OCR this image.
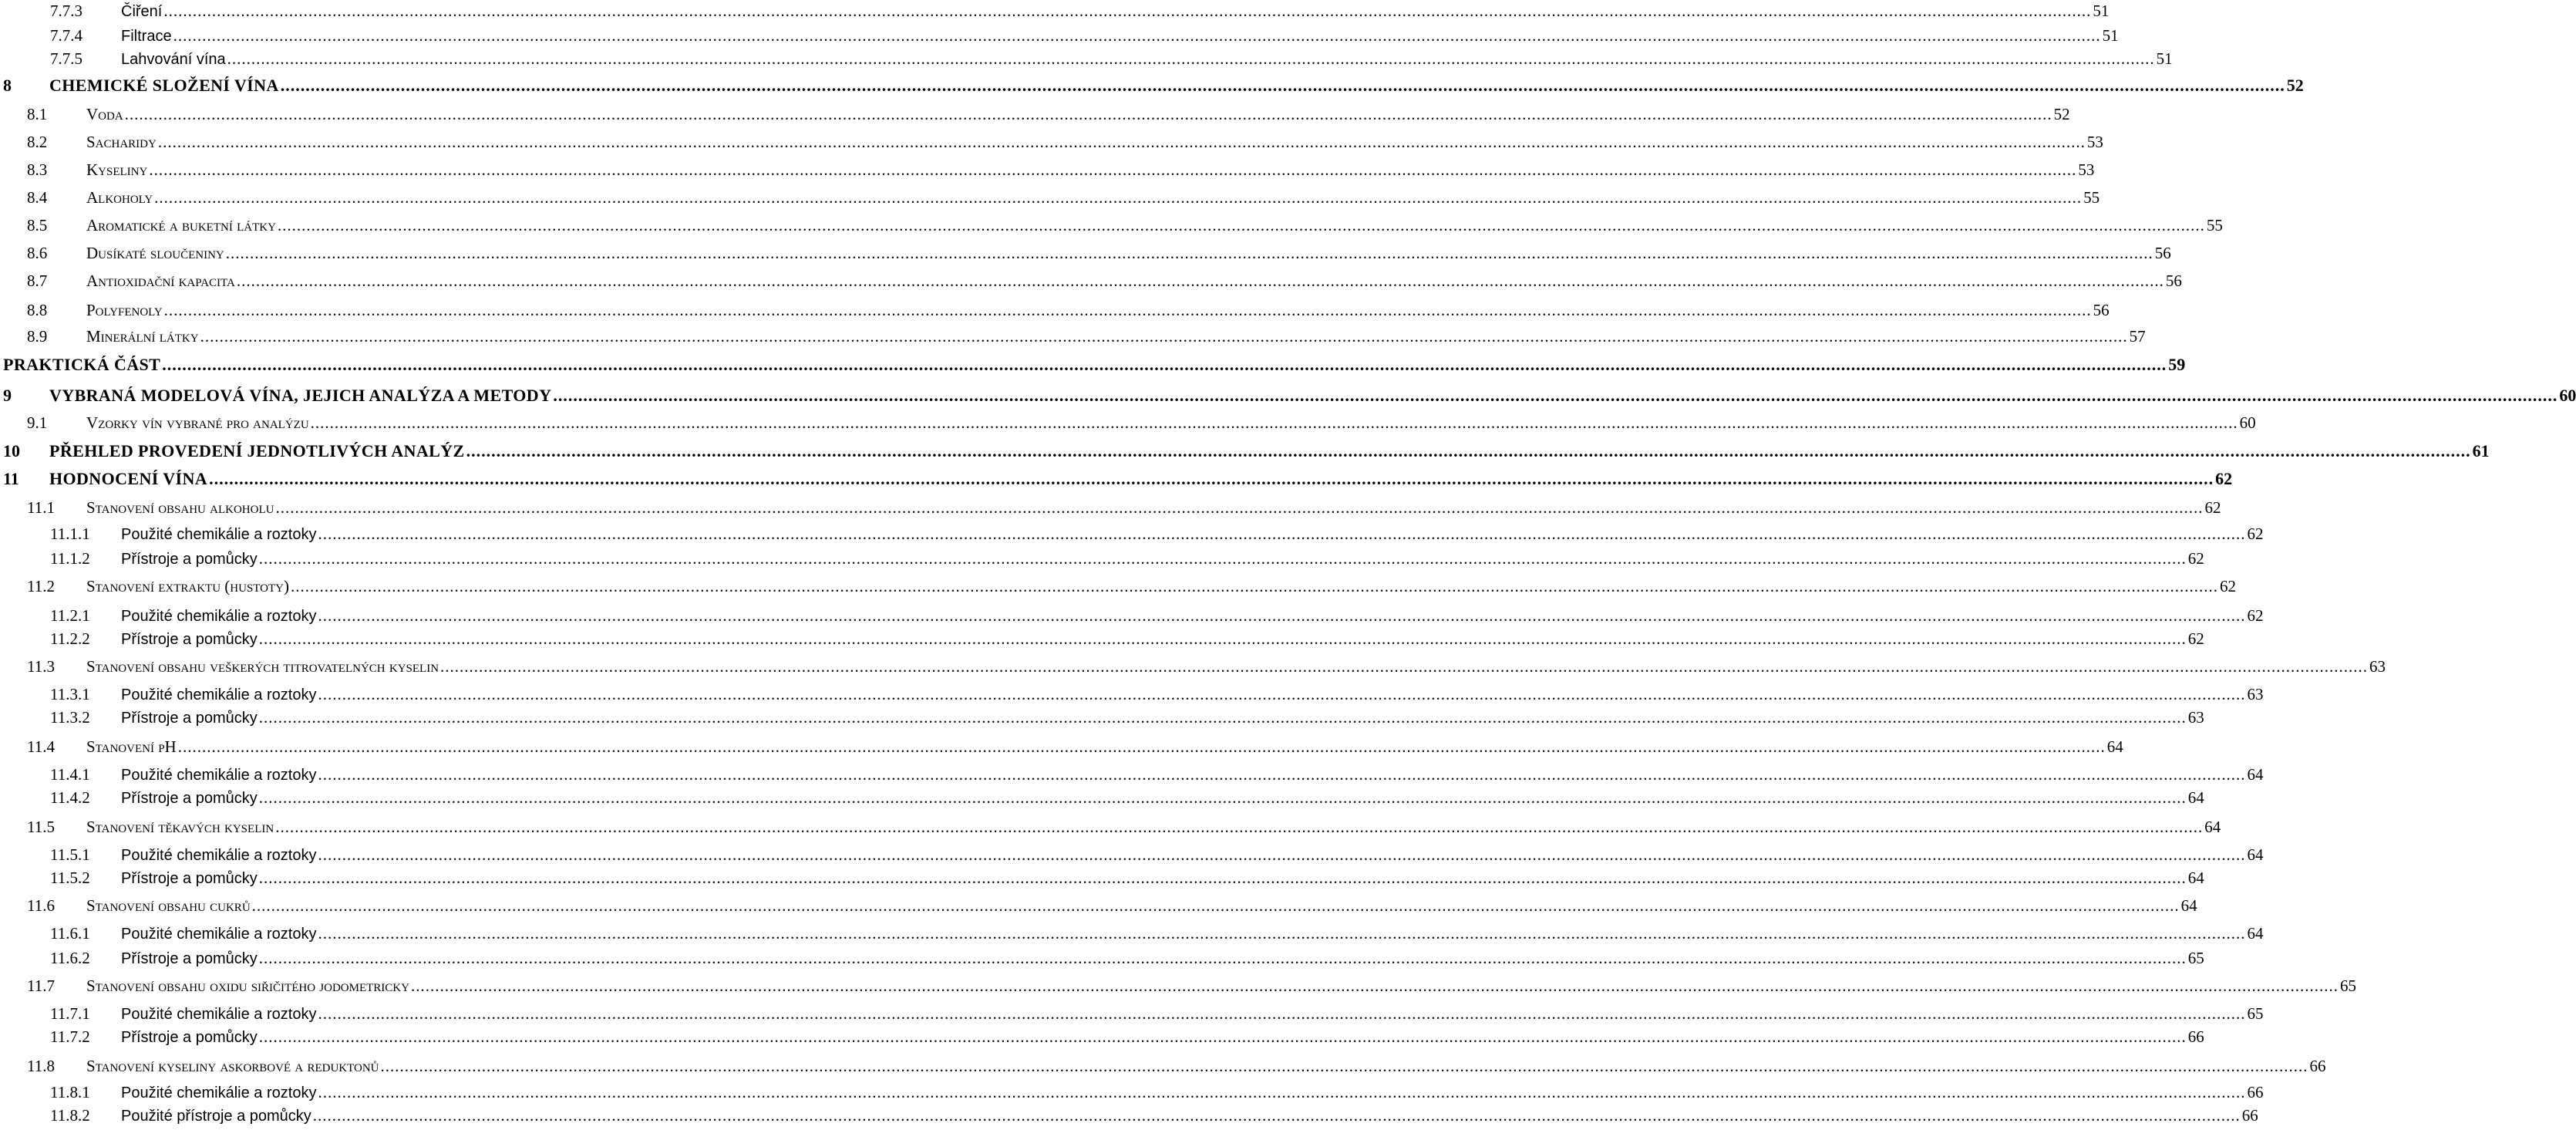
7.7.3	Čiření ................................................................................................................................................................................................................................................................................................................................................................................................................ 51
7.7.4	Filtrace ................................................................................................................................................................................................................................................................................................................................................................................................................ 51
7.7.5	Lahvování vína ................................................................................................................................................................................................................................................................................................................................................................................................................ 51
8	CHEMICKÉ SLOŽENÍ VÍNA ................................................................................................................................................................................................................................................................................................................................................................................................................ 52
8.1	Voda ................................................................................................................................................................................................................................................................................................................................................................................................................ 52
8.2	Sacharidy ................................................................................................................................................................................................................................................................................................................................................................................................................ 53
8.3	Kyseliny ................................................................................................................................................................................................................................................................................................................................................................................................................ 53
8.4	Alkoholy ................................................................................................................................................................................................................................................................................................................................................................................................................ 55
8.5	Aromatické a buketní látky ................................................................................................................................................................................................................................................................................................................................................................................................................ 55
8.6	Dusíkaté sloučeniny ................................................................................................................................................................................................................................................................................................................................................................................................................ 56
8.7	Antioxidační kapacita ................................................................................................................................................................................................................................................................................................................................................................................................................ 56
8.8	Polyfenoly ................................................................................................................................................................................................................................................................................................................................................................................................................ 56
8.9	Minerální látky ................................................................................................................................................................................................................................................................................................................................................................................................................ 57
PRAKTICKÁ ČÁST ................................................................................................................................................................................................................................................................................................................................................................................................................ 59
9	VYBRANÁ MODELOVÁ VÍNA, JEJICH ANALÝZA A METODY ................................................................................................................................................................................................................................................................................................................................................................................................................ 60
9.1	Vzorky vín vybrané pro analýzu ................................................................................................................................................................................................................................................................................................................................................................................................................ 60
10	PŘEHLED PROVEDENÍ JEDNOTLIVÝCH ANALÝZ ................................................................................................................................................................................................................................................................................................................................................................................................................ 61
11	HODNOCENÍ VÍNA ................................................................................................................................................................................................................................................................................................................................................................................................................ 62
11.1	Stanovení obsahu alkoholu ................................................................................................................................................................................................................................................................................................................................................................................................................ 62
11.1.1	Použité chemikálie a roztoky ................................................................................................................................................................................................................................................................................................................................................................................................................ 62
11.1.2	Přístroje a pomůcky ................................................................................................................................................................................................................................................................................................................................................................................................................ 62
11.2	Stanovení extraktu (hustoty) ................................................................................................................................................................................................................................................................................................................................................................................................................ 62
11.2.1	Použité chemikálie a roztoky ................................................................................................................................................................................................................................................................................................................................................................................................................ 62
11.2.2	Přístroje a pomůcky ................................................................................................................................................................................................................................................................................................................................................................................................................ 62
11.3	Stanovení obsahu veškerých titrovatelných kyselin ................................................................................................................................................................................................................................................................................................................................................................................................................ 63
11.3.1	Použité chemikálie a roztoky ................................................................................................................................................................................................................................................................................................................................................................................................................ 63
11.3.2	Přístroje a pomůcky ................................................................................................................................................................................................................................................................................................................................................................................................................ 63
11.4	Stanovení pH ................................................................................................................................................................................................................................................................................................................................................................................................................ 64
11.4.1	Použité chemikálie a roztoky ................................................................................................................................................................................................................................................................................................................................................................................................................ 64
11.4.2	Přístroje a pomůcky ................................................................................................................................................................................................................................................................................................................................................................................................................ 64
11.5	Stanovení těkavých kyselin ................................................................................................................................................................................................................................................................................................................................................................................................................ 64
11.5.1	Použité chemikálie a roztoky ................................................................................................................................................................................................................................................................................................................................................................................................................ 64
11.5.2	Přístroje a pomůcky ................................................................................................................................................................................................................................................................................................................................................................................................................ 64
11.6	Stanovení obsahu cukrů ................................................................................................................................................................................................................................................................................................................................................................................................................ 64
11.6.1	Použité chemikálie a roztoky ................................................................................................................................................................................................................................................................................................................................................................................................................ 64
11.6.2	Přístroje a pomůcky ................................................................................................................................................................................................................................................................................................................................................................................................................ 65
11.7	Stanovení obsahu oxidu siřičitého jodometricky ................................................................................................................................................................................................................................................................................................................................................................................................................ 65
11.7.1	Použité chemikálie a roztoky ................................................................................................................................................................................................................................................................................................................................................................................................................ 65
11.7.2	Přístroje a pomůcky ................................................................................................................................................................................................................................................................................................................................................................................................................ 66
11.8	Stanovení kyseliny askorbové a reduktonů ................................................................................................................................................................................................................................................................................................................................................................................................................ 66
11.8.1	Použité chemikálie a roztoky ................................................................................................................................................................................................................................................................................................................................................................................................................ 66
11.8.2	Použité přístroje a pomůcky ................................................................................................................................................................................................................................................................................................................................................................................................................ 66
